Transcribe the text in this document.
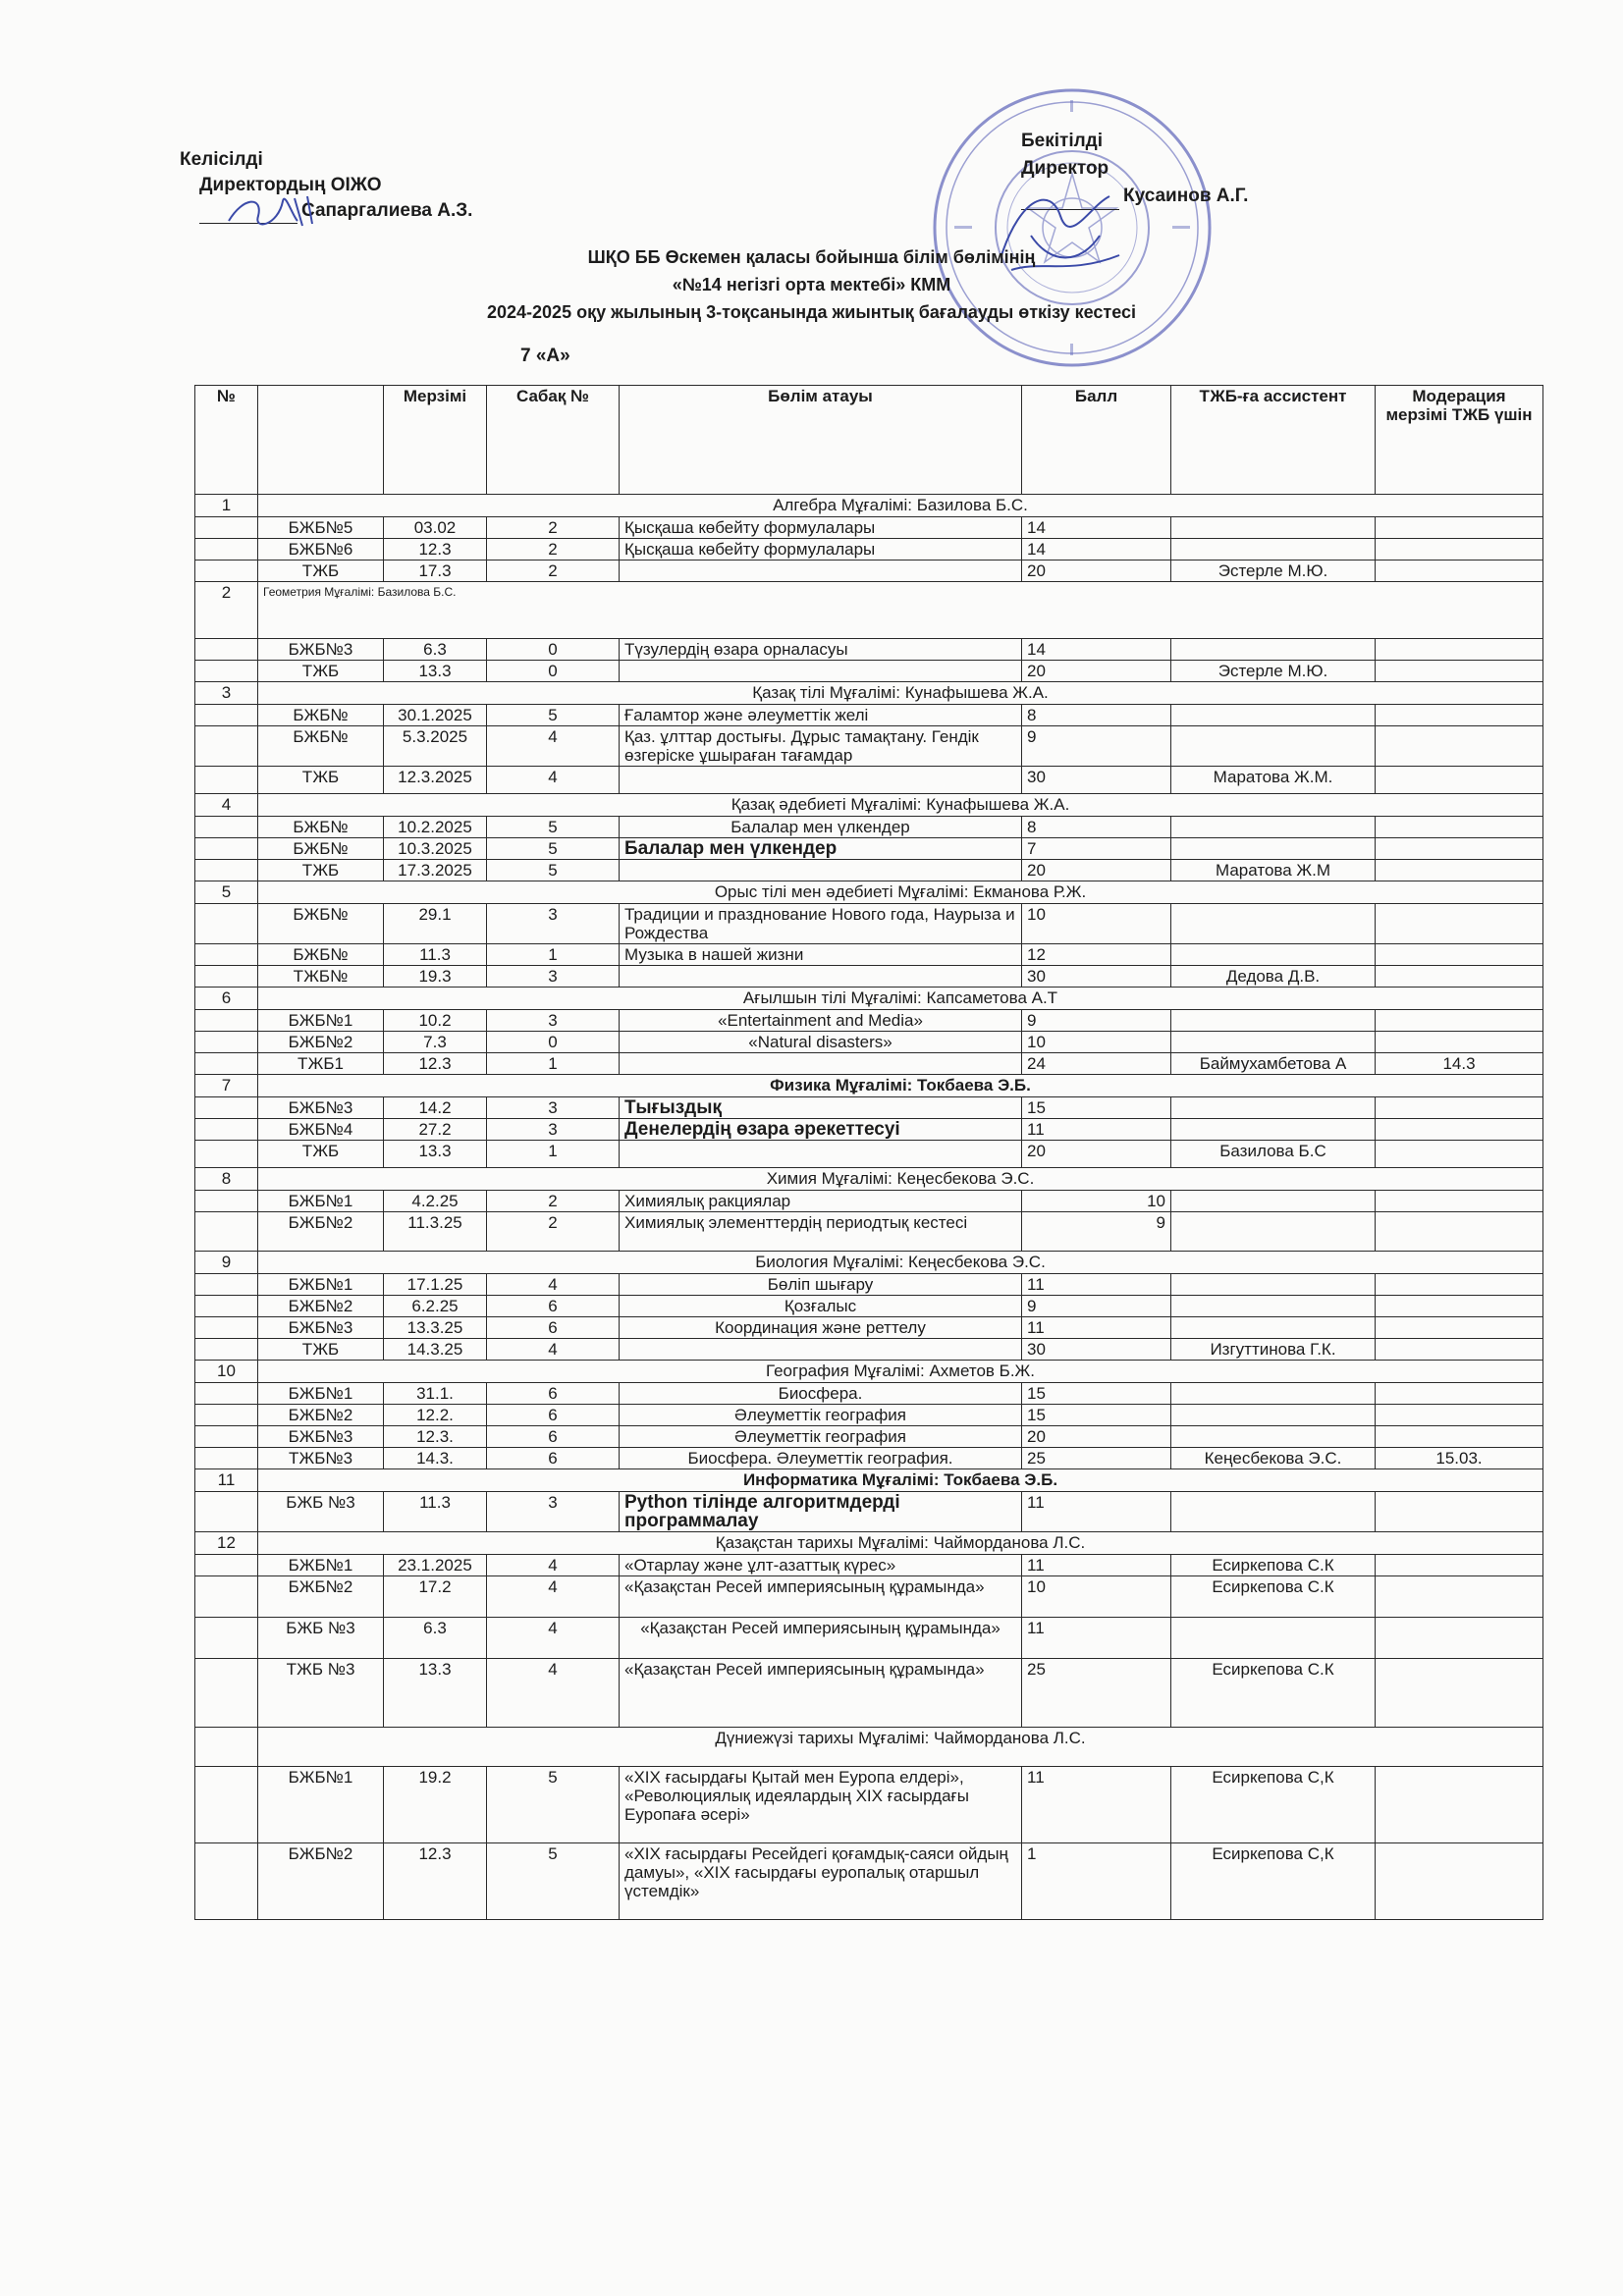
Келісілді
Директордың ОІЖО
Сапаргалиева А.З.
Бекітілді
Директор
Кусаинов А.Г.
ШҚО ББ Өскемен қаласы бойынша білім бөлімінің
«№14 негізгі орта мектебі» КММ
2024-2025 оқу жылының 3-тоқсанында жиынтық бағалауды өткізу кестесі
7 «А»
№		Мерзімі	Сабақ №	Бөлім атауы	Балл	ТЖБ-ға ассистент	Модерация мерзімі ТЖБ үшін
1	Алгебра Мұғалімі: Базилова Б.С.						
	БЖБ№5	03.02	2	Қысқаша көбейту формулалары	14		
	БЖБ№6	12.3	2	Қысқаша көбейту формулалары	14		
	ТЖБ	17.3	2		20	Эстерле М.Ю.	
2	Геометрия Мұғалімі: Базилова Б.С.						
	БЖБ№3	6.3	0	Түзулердің өзара орналасуы	14		
	ТЖБ	13.3	0		20	Эстерле М.Ю.	
3	Қазақ тілі Мұғалімі: Кунафышева Ж.А.						
	БЖБ№	30.1.2025	5	Ғаламтор және әлеуметтік желі	8		
	БЖБ№	5.3.2025	4	Қаз. ұлттар достығы. Дұрыс тамақтану. Гендік өзгеріске ұшыраған тағамдар	9		
	ТЖБ	12.3.2025	4		30	Маратова Ж.М.	
4	Қазақ әдебиеті Мұғалімі: Кунафышева Ж.А.						
	БЖБ№	10.2.2025	5	Балалар мен үлкендер	8		
	БЖБ№	10.3.2025	5	Балалар мен үлкендер	7		
	ТЖБ	17.3.2025	5		20	Маратова Ж.М	
5	Орыс тілі мен әдебиеті Мұғалімі: Екманова Р.Ж.						
	БЖБ№	29.1	3	Традиции и празднование Нового года, Наурыза и Рождества	10		
	БЖБ№	11.3	1	Музыка в нашей жизни	12		
	ТЖБ№	19.3	3		30	Дедова Д.В.	
6	Ағылшын тілі Мұғалімі: Капсаметова А.Т						
	БЖБ№1	10.2	3	«Entertainment and Media»	9		
	БЖБ№2	7.3	0	«Natural disasters»	10		
	ТЖБ1	12.3	1		24	Баймухамбетова А	14.3
7	Физика Мұғалімі: Токбаева Э.Б.						
	БЖБ№3	14.2	3	Тығыздық	15		
	БЖБ№4	27.2	3	Денелердің өзара әрекеттесуі	11		
	ТЖБ	13.3	1		20	Базилова Б.С	
8	Химия Мұғалімі: Кеңесбекова Э.С.						
	БЖБ№1	4.2.25	2	Химиялық ракциялар	10		
	БЖБ№2	11.3.25	2	Химиялық элементтердің периодтық кестесі	9		
9	Биология Мұғалімі: Кеңесбекова Э.С.						
	БЖБ№1	17.1.25	4	Бөліп шығару	11		
	БЖБ№2	6.2.25	6	Қозғалыс	9		
	БЖБ№3	13.3.25	6	Координация және реттелу	11		
	ТЖБ	14.3.25	4		30	Изгуттинова Г.К.	
10	География Мұғалімі: Ахметов Б.Ж.						
	БЖБ№1	31.1.	6	Биосфера.	15		
	БЖБ№2	12.2.	6	Әлеуметтік география	15		
	БЖБ№3	12.3.	6	Әлеуметтік география	20		
	ТЖБ№3	14.3.	6	Биосфера. Әлеуметтік география.	25	Кеңесбекова Э.С.	15.03.
11	Информатика Мұғалімі: Токбаева Э.Б.						
	БЖБ №3	11.3	3	Python тілінде алгоритмдерді программалау	11		
12	Қазақстан тарихы Мұғалімі: Чайморданова Л.С.						
	БЖБ№1	23.1.2025	4	«Отарлау және ұлт-азаттық күрес»	11	Есиркепова С.К	
	БЖБ№2	17.2	4	«Қазақстан Ресей империясының құрамында»	10	Есиркепова С.К	
	БЖБ №3	6.3	4	«Қазақстан Ресей империясының құрамында»	11		
	ТЖБ №3	13.3	4	«Қазақстан Ресей империясының құрамында»	25	Есиркепова С.К	
	Дүниежүзі тарихы Мұғалімі: Чайморданова Л.С.						
	БЖБ№1	19.2	5	«XIX ғасырдағы Қытай мен Еуропа елдері», «Революциялық идеялардың XIX ғасырдағы Еуропаға әсері»	11	Есиркепова С,К	
	БЖБ№2	12.3	5	«XIX ғасырдағы Ресейдегі қоғамдық-саяси ойдың дамуы», «XIX ғасырдағы еуропалық отаршыл үстемдік»	1	Есиркепова С,К	
